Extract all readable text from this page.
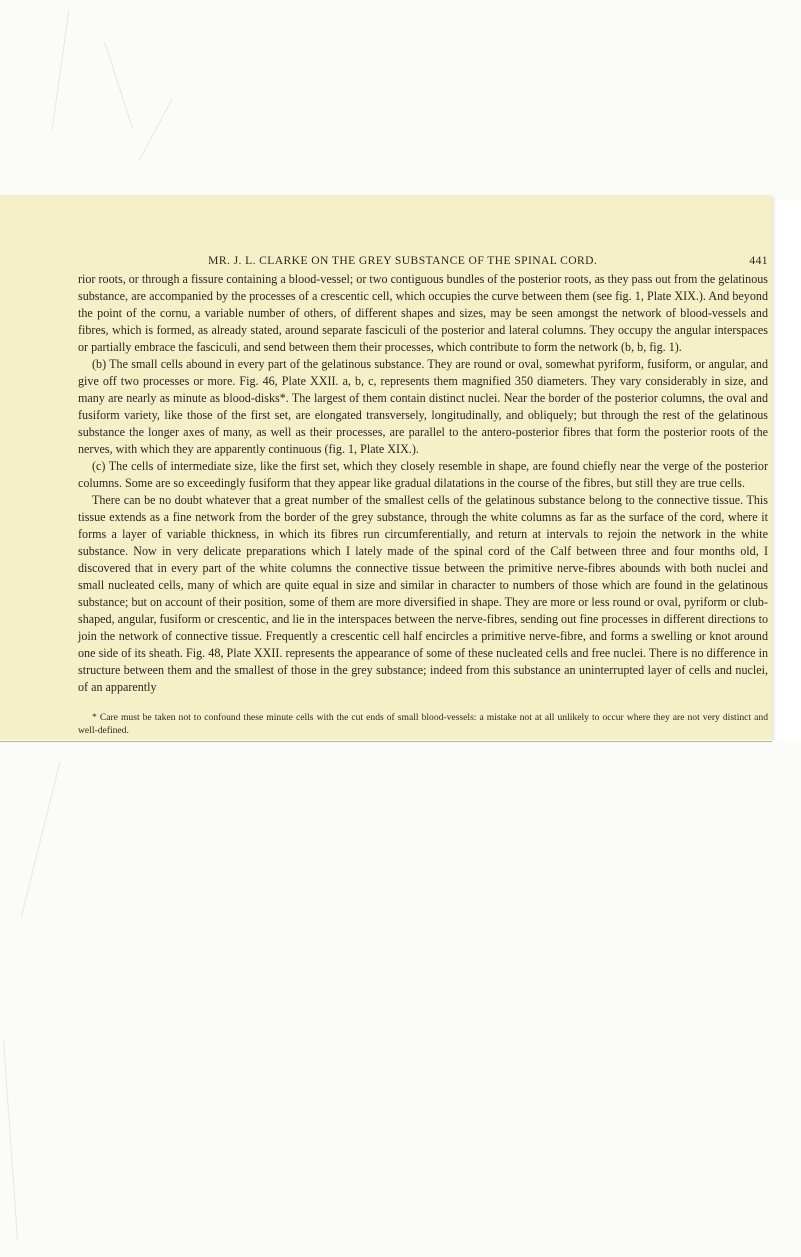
MR. J. L. CLARKE ON THE GREY SUBSTANCE OF THE SPINAL CORD.	441

rior roots, or through a fissure containing a blood-vessel; or two contiguous bundles of the posterior roots, as they pass out from the gelatinous substance, are accompanied by the processes of a crescentic cell, which occupies the curve between them (see fig. 1, Plate XIX.). And beyond the point of the cornu, a variable number of others, of different shapes and sizes, may be seen amongst the network of blood-vessels and fibres, which is formed, as already stated, around separate fasciculi of the posterior and lateral columns. They occupy the angular interspaces or partially embrace the fasciculi, and send between them their processes, which contribute to form the network (b, b, fig. 1).

(b) The small cells abound in every part of the gelatinous substance. They are round or oval, somewhat pyriform, fusiform, or angular, and give off two processes or more. Fig. 46, Plate XXII. a, b, c, represents them magnified 350 diameters. They vary considerably in size, and many are nearly as minute as blood-disks*. The largest of them contain distinct nuclei. Near the border of the posterior columns, the oval and fusiform variety, like those of the first set, are elongated transversely, longitudinally, and obliquely; but through the rest of the gelatinous substance the longer axes of many, as well as their processes, are parallel to the antero-posterior fibres that form the posterior roots of the nerves, with which they are apparently continuous (fig. 1, Plate XIX.).

(c) The cells of intermediate size, like the first set, which they closely resemble in shape, are found chiefly near the verge of the posterior columns. Some are so exceedingly fusiform that they appear like gradual dilatations in the course of the fibres, but still they are true cells.

There can be no doubt whatever that a great number of the smallest cells of the gelatinous substance belong to the connective tissue. This tissue extends as a fine network from the border of the grey substance, through the white columns as far as the surface of the cord, where it forms a layer of variable thickness, in which its fibres run circumferentially, and return at intervals to rejoin the network in the white substance. Now in very delicate preparations which I lately made of the spinal cord of the Calf between three and four months old, I discovered that in every part of the white columns the connective tissue between the primitive nerve-fibres abounds with both nuclei and small nucleated cells, many of which are quite equal in size and similar in character to numbers of those which are found in the gelatinous substance; but on account of their position, some of them are more diversified in shape. They are more or less round or oval, pyriform or club-shaped, angular, fusiform or crescentic, and lie in the interspaces between the nerve-fibres, sending out fine processes in different directions to join the network of connective tissue. Frequently a crescentic cell half encircles a primitive nerve-fibre, and forms a swelling or knot around one side of its sheath. Fig. 48, Plate XXII. represents the appearance of some of these nucleated cells and free nuclei. There is no difference in structure between them and the smallest of those in the grey substance; indeed from this substance an uninterrupted layer of cells and nuclei, of an apparently

* Care must be taken not to confound these minute cells with the cut ends of small blood-vessels: a mistake not at all unlikely to occur where they are not very distinct and well-defined.
